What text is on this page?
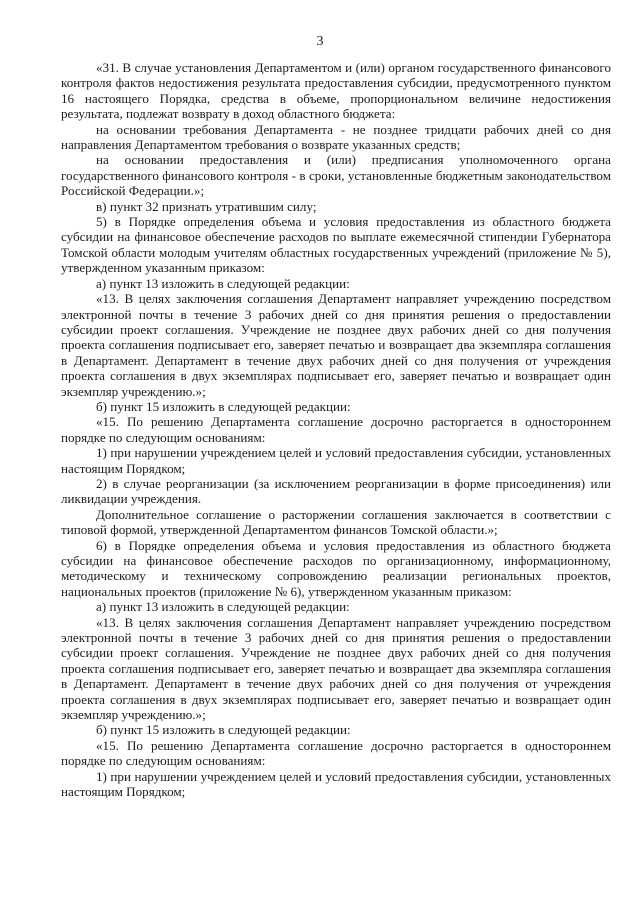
3

«31. В случае установления Департаментом и (или) органом государственного финансового контроля фактов недостижения результата предоставления субсидии, предусмотренного пунктом 16 настоящего Порядка, средства в объеме, пропорциональном величине недостижения результата, подлежат возврату в доход областного бюджета:

на основании требования Департамента - не позднее тридцати рабочих дней со дня направления Департаментом требования о возврате указанных средств;

на основании предоставления и (или) предписания уполномоченного органа государственного финансового контроля - в сроки, установленные бюджетным законодательством Российской Федерации.»;

в) пункт 32 признать утратившим силу;

5) в Порядке определения объема и условия предоставления из областного бюджета субсидии на финансовое обеспечение расходов по выплате ежемесячной стипендии Губернатора Томской области молодым учителям областных государственных учреждений (приложение № 5), утвержденном указанным приказом:

а) пункт 13 изложить в следующей редакции:

«13. В целях заключения соглашения Департамент направляет учреждению посредством электронной почты в течение 3 рабочих дней со дня принятия решения о предоставлении субсидии проект соглашения. Учреждение не позднее двух рабочих дней со дня получения проекта соглашения подписывает его, заверяет печатью и возвращает два экземпляра соглашения в Департамент. Департамент в течение двух рабочих дней со дня получения от учреждения проекта соглашения в двух экземплярах подписывает его, заверяет печатью и возвращает один экземпляр учреждению.»;

б) пункт 15 изложить в следующей редакции:

«15. По решению Департамента соглашение досрочно расторгается в одностороннем порядке по следующим основаниям:

1) при нарушении учреждением целей и условий предоставления субсидии, установленных настоящим Порядком;

2) в случае реорганизации (за исключением реорганизации в форме присоединения) или ликвидации учреждения.

Дополнительное соглашение о расторжении соглашения заключается в соответствии с типовой формой, утвержденной Департаментом финансов Томской области.»;

6) в Порядке определения объема и условия предоставления из областного бюджета субсидии на финансовое обеспечение расходов по организационному, информационному, методическому и техническому сопровождению реализации региональных проектов, национальных проектов (приложение № 6), утвержденном указанным приказом:

а) пункт 13 изложить в следующей редакции:

«13. В целях заключения соглашения Департамент направляет учреждению посредством электронной почты в течение 3 рабочих дней со дня принятия решения о предоставлении субсидии проект соглашения. Учреждение не позднее двух рабочих дней со дня получения проекта соглашения подписывает его, заверяет печатью и возвращает два экземпляра соглашения в Департамент. Департамент в течение двух рабочих дней со дня получения от учреждения проекта соглашения в двух экземплярах подписывает его, заверяет печатью и возвращает один экземпляр учреждению.»;

б) пункт 15 изложить в следующей редакции:

«15. По решению Департамента соглашение досрочно расторгается в одностороннем порядке по следующим основаниям:

1) при нарушении учреждением целей и условий предоставления субсидии, установленных настоящим Порядком;
